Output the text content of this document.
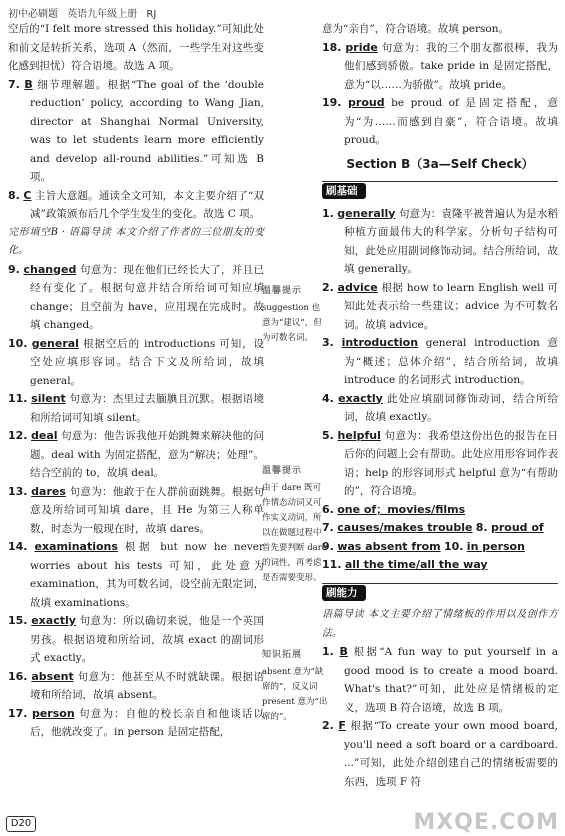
初中必刷题 英语九年级上册 RJ

空后的“I felt more stressed this holiday.”可知此处和前文是转折关系，选项 A（然而，一些学生对这些变化感到担忧）符合语境。故选 A 项。

7. B 细节理解题。根据“The goal of the ‘double reduction’ policy, according to Wang Jian, director at Shanghai Normal University, was to let students learn more efficiently and develop all-round abilities.”可知选 B 项。

8. C 主旨大意题。通读全文可知，本文主要介绍了“双减”政策颁布后几个学生发生的变化。故选 C 项。

完形填空B · 语篇导读 本文介绍了作者的三位朋友的变化。

9. changed 句意为：现在他们已经长大了，并且已经有变化了。根据句意并结合所给词可知应填 change；且空前为 have，应用现在完成时。故填 changed。

10. general 根据空后的 introductions 可知，设空处应填形容词。结合下文及所给词，故填 general。

11. silent 句意为：杰里过去腼腆且沉默。根据语境和所给词可知填 silent。

12. deal 句意为：他告诉我他开始跳舞来解决他的问题。deal with 为固定搭配，意为“解决；处理”。结合空前的 to，故填 deal。

13. dares 句意为：他敢于在人群前面跳舞。根据句意及所给词可知填 dare，且 He 为第三人称单数，时态为一般现在时，故填 dares。

14. examinations 根据 but now he never worries about his tests 可知，此处意为 examination，其为可数名词，设空前无限定词，故填 examinations。

15. exactly 句意为：所以确切来说，他是一个英国男孩。根据语境和所给词，故填 exact 的副词形式 exactly。

16. absent 句意为：他甚至从不时就缺课。根据语境和所给词，故填 absent。

17. person 句意为：自他的校长亲自和他谈话以后，他就改变了。in person 是固定搭配，

温馨提示
suggestion 也意为“建议”，但为可数名词。
温馨提示
由于 dare 既可作情态动词又可作实义动词，所以在做题过程中首先要判断 dare 的词性，再考虑是否需要变形。
知识拓展
absent 意为“缺席的”，反义词 present 意为“出席的”。

意为“亲自”，符合语境。故填 person。

18. pride 句意为：我的三个朋友都很棒，我为他们感到骄傲。take pride in 是固定搭配，意为“以……为骄傲”。故填 pride。

19. proud be proud of 是固定搭配，意为“为……而感到自豪”，符合语境。故填 proud。

Section B（3a—Self Check）
刷基础

1. generally 句意为：袁隆平被普遍认为是水稻种植方面最伟大的科学家。分析句子结构可知，此处应用副词修饰动词。结合所给词，故填 generally。

2. advice 根据 how to learn English well 可知此处表示给一些建议；advice 为不可数名词。故填 advice。

3. introduction general introduction 意为“概述；总体介绍”，结合所给词，故填 introduce 的名词形式 introduction。

4. exactly 此处应填副词修饰动词，结合所给词，故填 exactly。

5. helpful 句意为：我希望这份出色的报告在日后你的问题上会有帮助。此处应用形容词作表语；help 的形容词形式 helpful 意为“有帮助的”，符合语境。

6. one of；movies/films

7. causes/makes trouble 8. proud of

9. was absent from 10. in person

11. all the time/all the way

刷能力

语篇导读 本文主要介绍了情绪板的作用以及创作方法。

1. B 根据“A fun way to put yourself in a good mood is to create a mood board. What's that?”可知，此处应是情绪板的定义，选项 B 符合语境，故选 B 项。

2. F 根据“To create your own mood board, you'll need a soft board or a cardboard. ...”可知，此处介绍创建自己的情绪板需要的东西，选项 F 符

D20	MXQE.COM
